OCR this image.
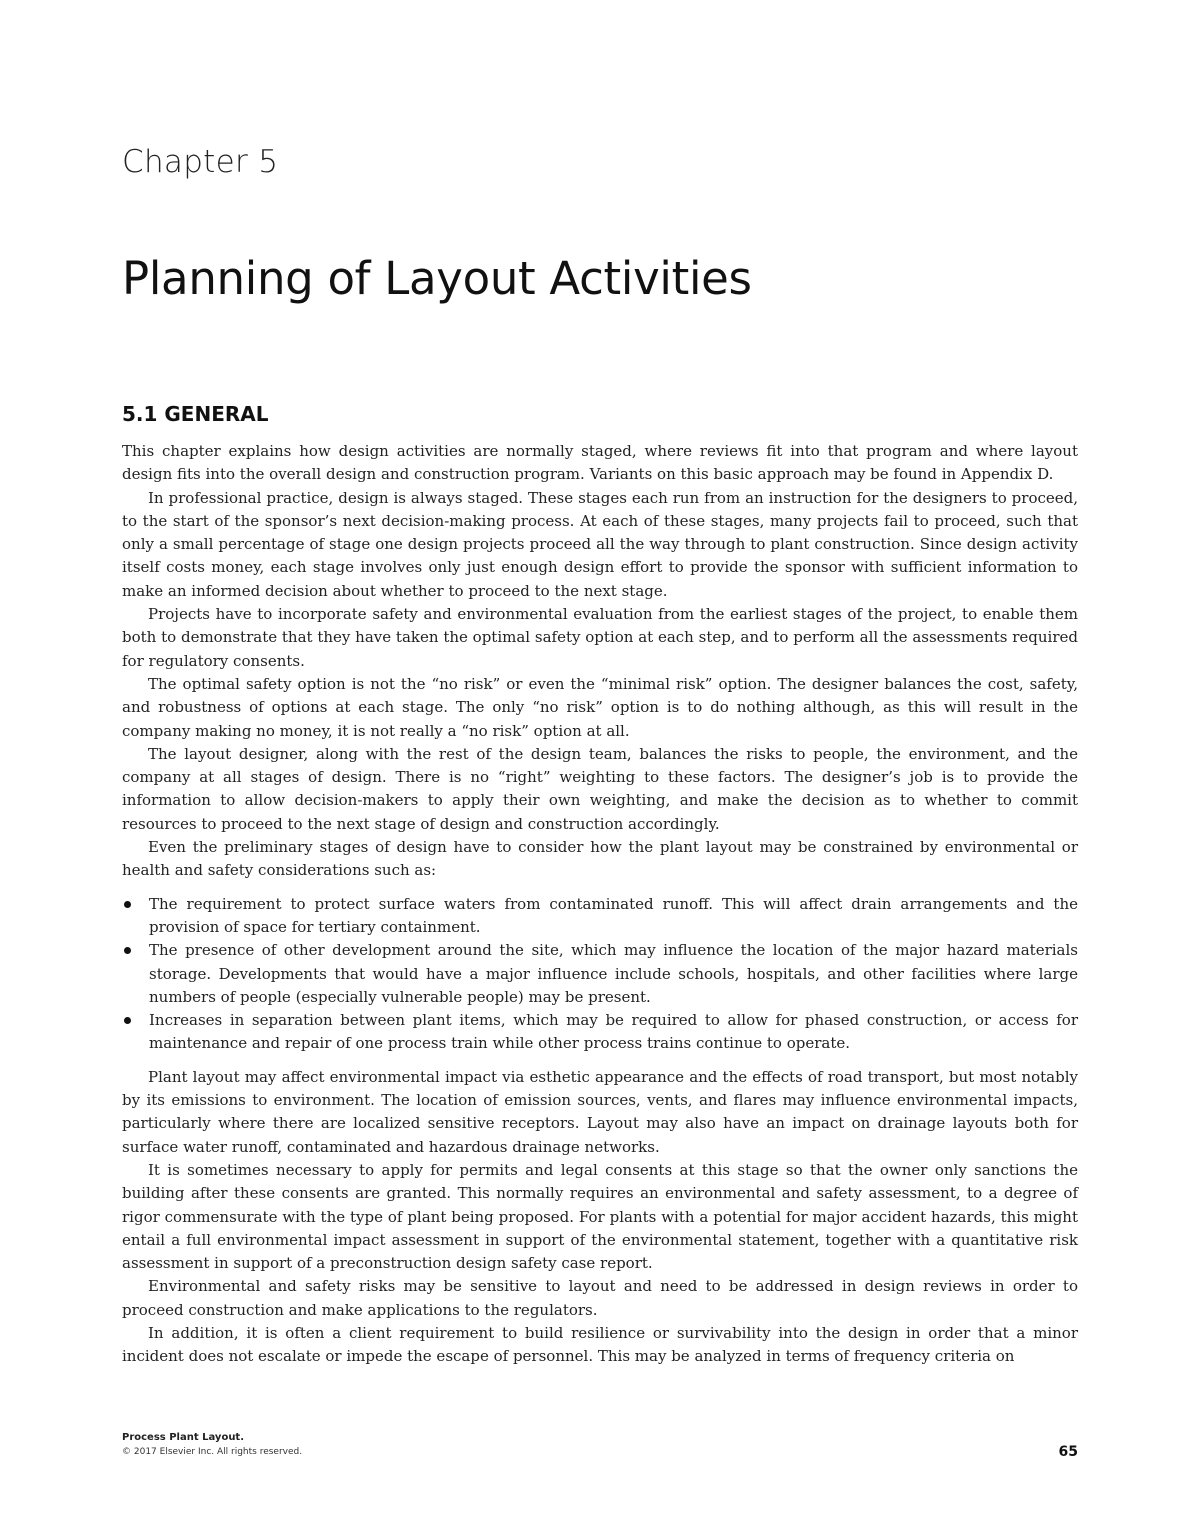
Chapter 5
Planning of Layout Activities
5.1 GENERAL

This chapter explains how design activities are normally staged, where reviews fit into that program and where layout design fits into the overall design and construction program. Variants on this basic approach may be found in Appendix D.

In professional practice, design is always staged. These stages each run from an instruction for the designers to proceed, to the start of the sponsor’s next decision-making process. At each of these stages, many projects fail to proceed, such that only a small percentage of stage one design projects proceed all the way through to plant construction. Since design activity itself costs money, each stage involves only just enough design effort to provide the sponsor with sufficient information to make an informed decision about whether to proceed to the next stage.

Projects have to incorporate safety and environmental evaluation from the earliest stages of the project, to enable them both to demonstrate that they have taken the optimal safety option at each step, and to perform all the assessments required for regulatory consents.

The optimal safety option is not the “no risk” or even the “minimal risk” option. The designer balances the cost, safety, and robustness of options at each stage. The only “no risk” option is to do nothing although, as this will result in the company making no money, it is not really a “no risk” option at all.

The layout designer, along with the rest of the design team, balances the risks to people, the environment, and the company at all stages of design. There is no “right” weighting to these factors. The designer’s job is to provide the information to allow decision-makers to apply their own weighting, and make the decision as to whether to commit resources to proceed to the next stage of design and construction accordingly.

Even the preliminary stages of design have to consider how the plant layout may be constrained by environmental or health and safety considerations such as:

The requirement to protect surface waters from contaminated runoff. This will affect drain arrangements and the provision of space for tertiary containment.
The presence of other development around the site, which may influence the location of the major hazard materials storage. Developments that would have a major influence include schools, hospitals, and other facilities where large numbers of people (especially vulnerable people) may be present.
Increases in separation between plant items, which may be required to allow for phased construction, or access for maintenance and repair of one process train while other process trains continue to operate.

Plant layout may affect environmental impact via esthetic appearance and the effects of road transport, but most notably by its emissions to environment. The location of emission sources, vents, and flares may influence environmental impacts, particularly where there are localized sensitive receptors. Layout may also have an impact on drainage layouts both for surface water runoff, contaminated and hazardous drainage networks.

It is sometimes necessary to apply for permits and legal consents at this stage so that the owner only sanctions the building after these consents are granted. This normally requires an environmental and safety assessment, to a degree of rigor commensurate with the type of plant being proposed. For plants with a potential for major accident hazards, this might entail a full environmental impact assessment in support of the environmental statement, together with a quantitative risk assessment in support of a preconstruction design safety case report.

Environmental and safety risks may be sensitive to layout and need to be addressed in design reviews in order to proceed construction and make applications to the regulators.

In addition, it is often a client requirement to build resilience or survivability into the design in order that a minor incident does not escalate or impede the escape of personnel. This may be analyzed in terms of frequency criteria on

Process Plant Layout.
© 2017 Elsevier Inc. All rights reserved.	65
